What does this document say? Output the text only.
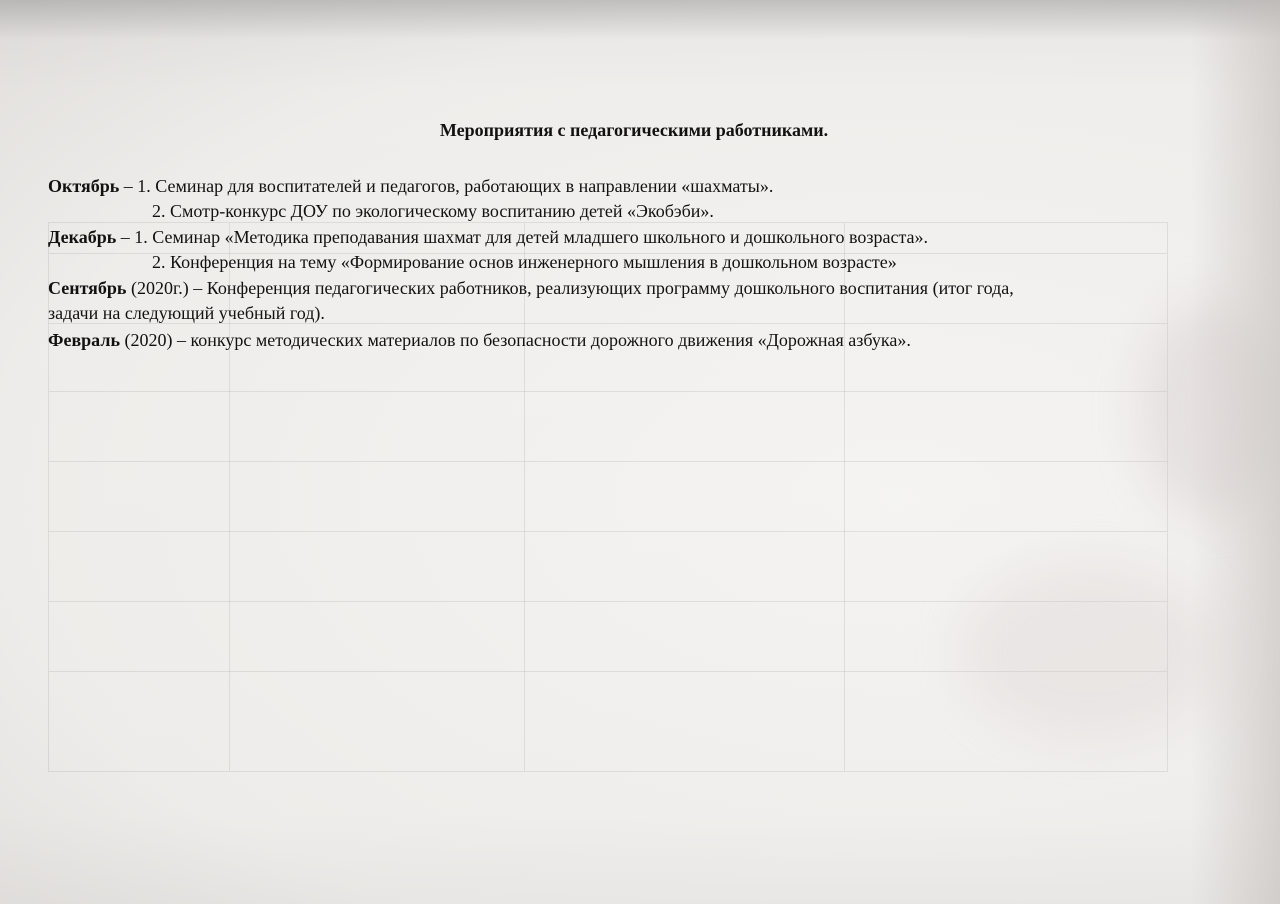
Мероприятия с педагогическими работниками.
Октябрь – 1. Семинар для воспитателей и педагогов, работающих в направлении «шахматы».
2. Смотр-конкурс ДОУ по экологическому воспитанию детей «Экобэби».
Декабрь – 1. Семинар «Методика преподавания шахмат для детей младшего школьного и дошкольного возраста».
2. Конференция на тему «Формирование основ инженерного мышления в дошкольном возрасте»
Сентябрь (2020г.) – Конференция педагогических работников, реализующих программу дошкольного воспитания (итог года,
задачи на следующий учебный год).
Февраль (2020) – конкурс методических материалов по безопасности дорожного движения «Дорожная азбука».
